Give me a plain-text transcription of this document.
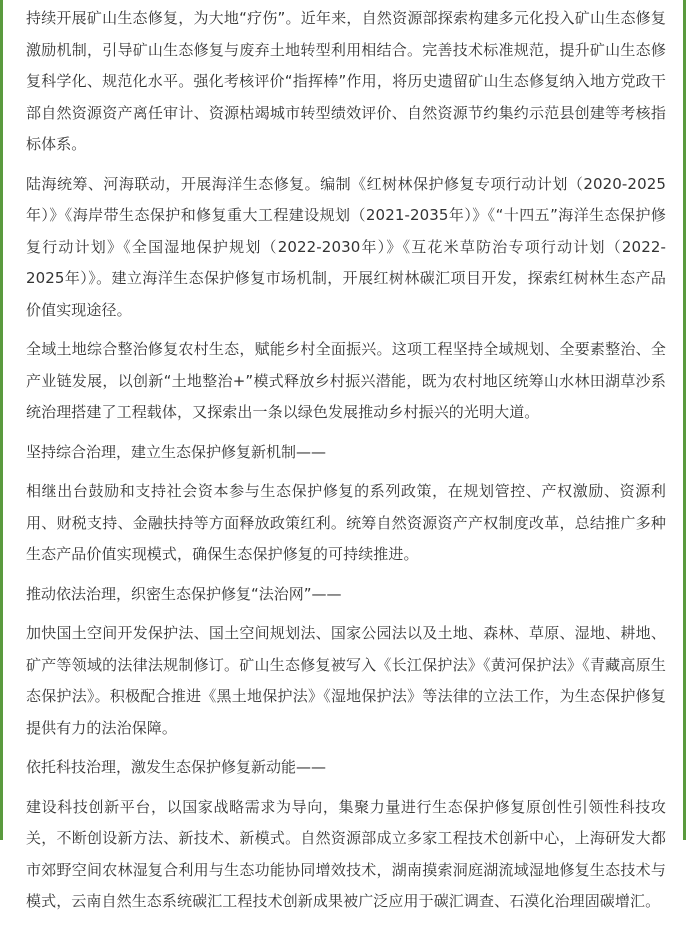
持续开展矿山生态修复，为大地“疗伤”。近年来，自然资源部探索构建多元化投入矿山生态修复激励机制，引导矿山生态修复与废弃土地转型利用相结合。完善技术标准规范，提升矿山生态修复科学化、规范化水平。强化考核评价“指挥棒”作用，将历史遗留矿山生态修复纳入地方党政干部自然资源资产离任审计、资源枯竭城市转型绩效评价、自然资源节约集约示范县创建等考核指标体系。

陆海统筹、河海联动，开展海洋生态修复。编制《红树林保护修复专项行动计划（2020-2025年）》《海岸带生态保护和修复重大工程建设规划（2021-2035年）》《“十四五”海洋生态保护修复行动计划》《全国湿地保护规划（2022-2030年）》《互花米草防治专项行动计划（2022-2025年）》。建立海洋生态保护修复市场机制，开展红树林碳汇项目开发，探索红树林生态产品价值实现途径。

全域土地综合整治修复农村生态，赋能乡村全面振兴。这项工程坚持全域规划、全要素整治、全产业链发展，以创新“土地整治+”模式释放乡村振兴潜能，既为农村地区统筹山水林田湖草沙系统治理搭建了工程载体，又探索出一条以绿色发展推动乡村振兴的光明大道。

坚持综合治理，建立生态保护修复新机制——

相继出台鼓励和支持社会资本参与生态保护修复的系列政策，在规划管控、产权激励、资源利用、财税支持、金融扶持等方面释放政策红利。统筹自然资源资产产权制度改革，总结推广多种生态产品价值实现模式，确保生态保护修复的可持续推进。

推动依法治理，织密生态保护修复“法治网”——

加快国土空间开发保护法、国土空间规划法、国家公园法以及土地、森林、草原、湿地、耕地、矿产等领域的法律法规制修订。矿山生态修复被写入《长江保护法》《黄河保护法》《青藏高原生态保护法》。积极配合推进《黑土地保护法》《湿地保护法》等法律的立法工作，为生态保护修复提供有力的法治保障。

依托科技治理，激发生态保护修复新动能——

建设科技创新平台，以国家战略需求为导向，集聚力量进行生态保护修复原创性引领性科技攻关，不断创设新方法、新技术、新模式。自然资源部成立多家工程技术创新中心，上海研发大都市郊野空间农林湿复合利用与生态功能协同增效技术，湖南摸索洞庭湖流域湿地修复生态技术与模式，云南自然生态系统碳汇工程技术创新成果被广泛应用于碳汇调查、石漠化治理固碳增汇。
